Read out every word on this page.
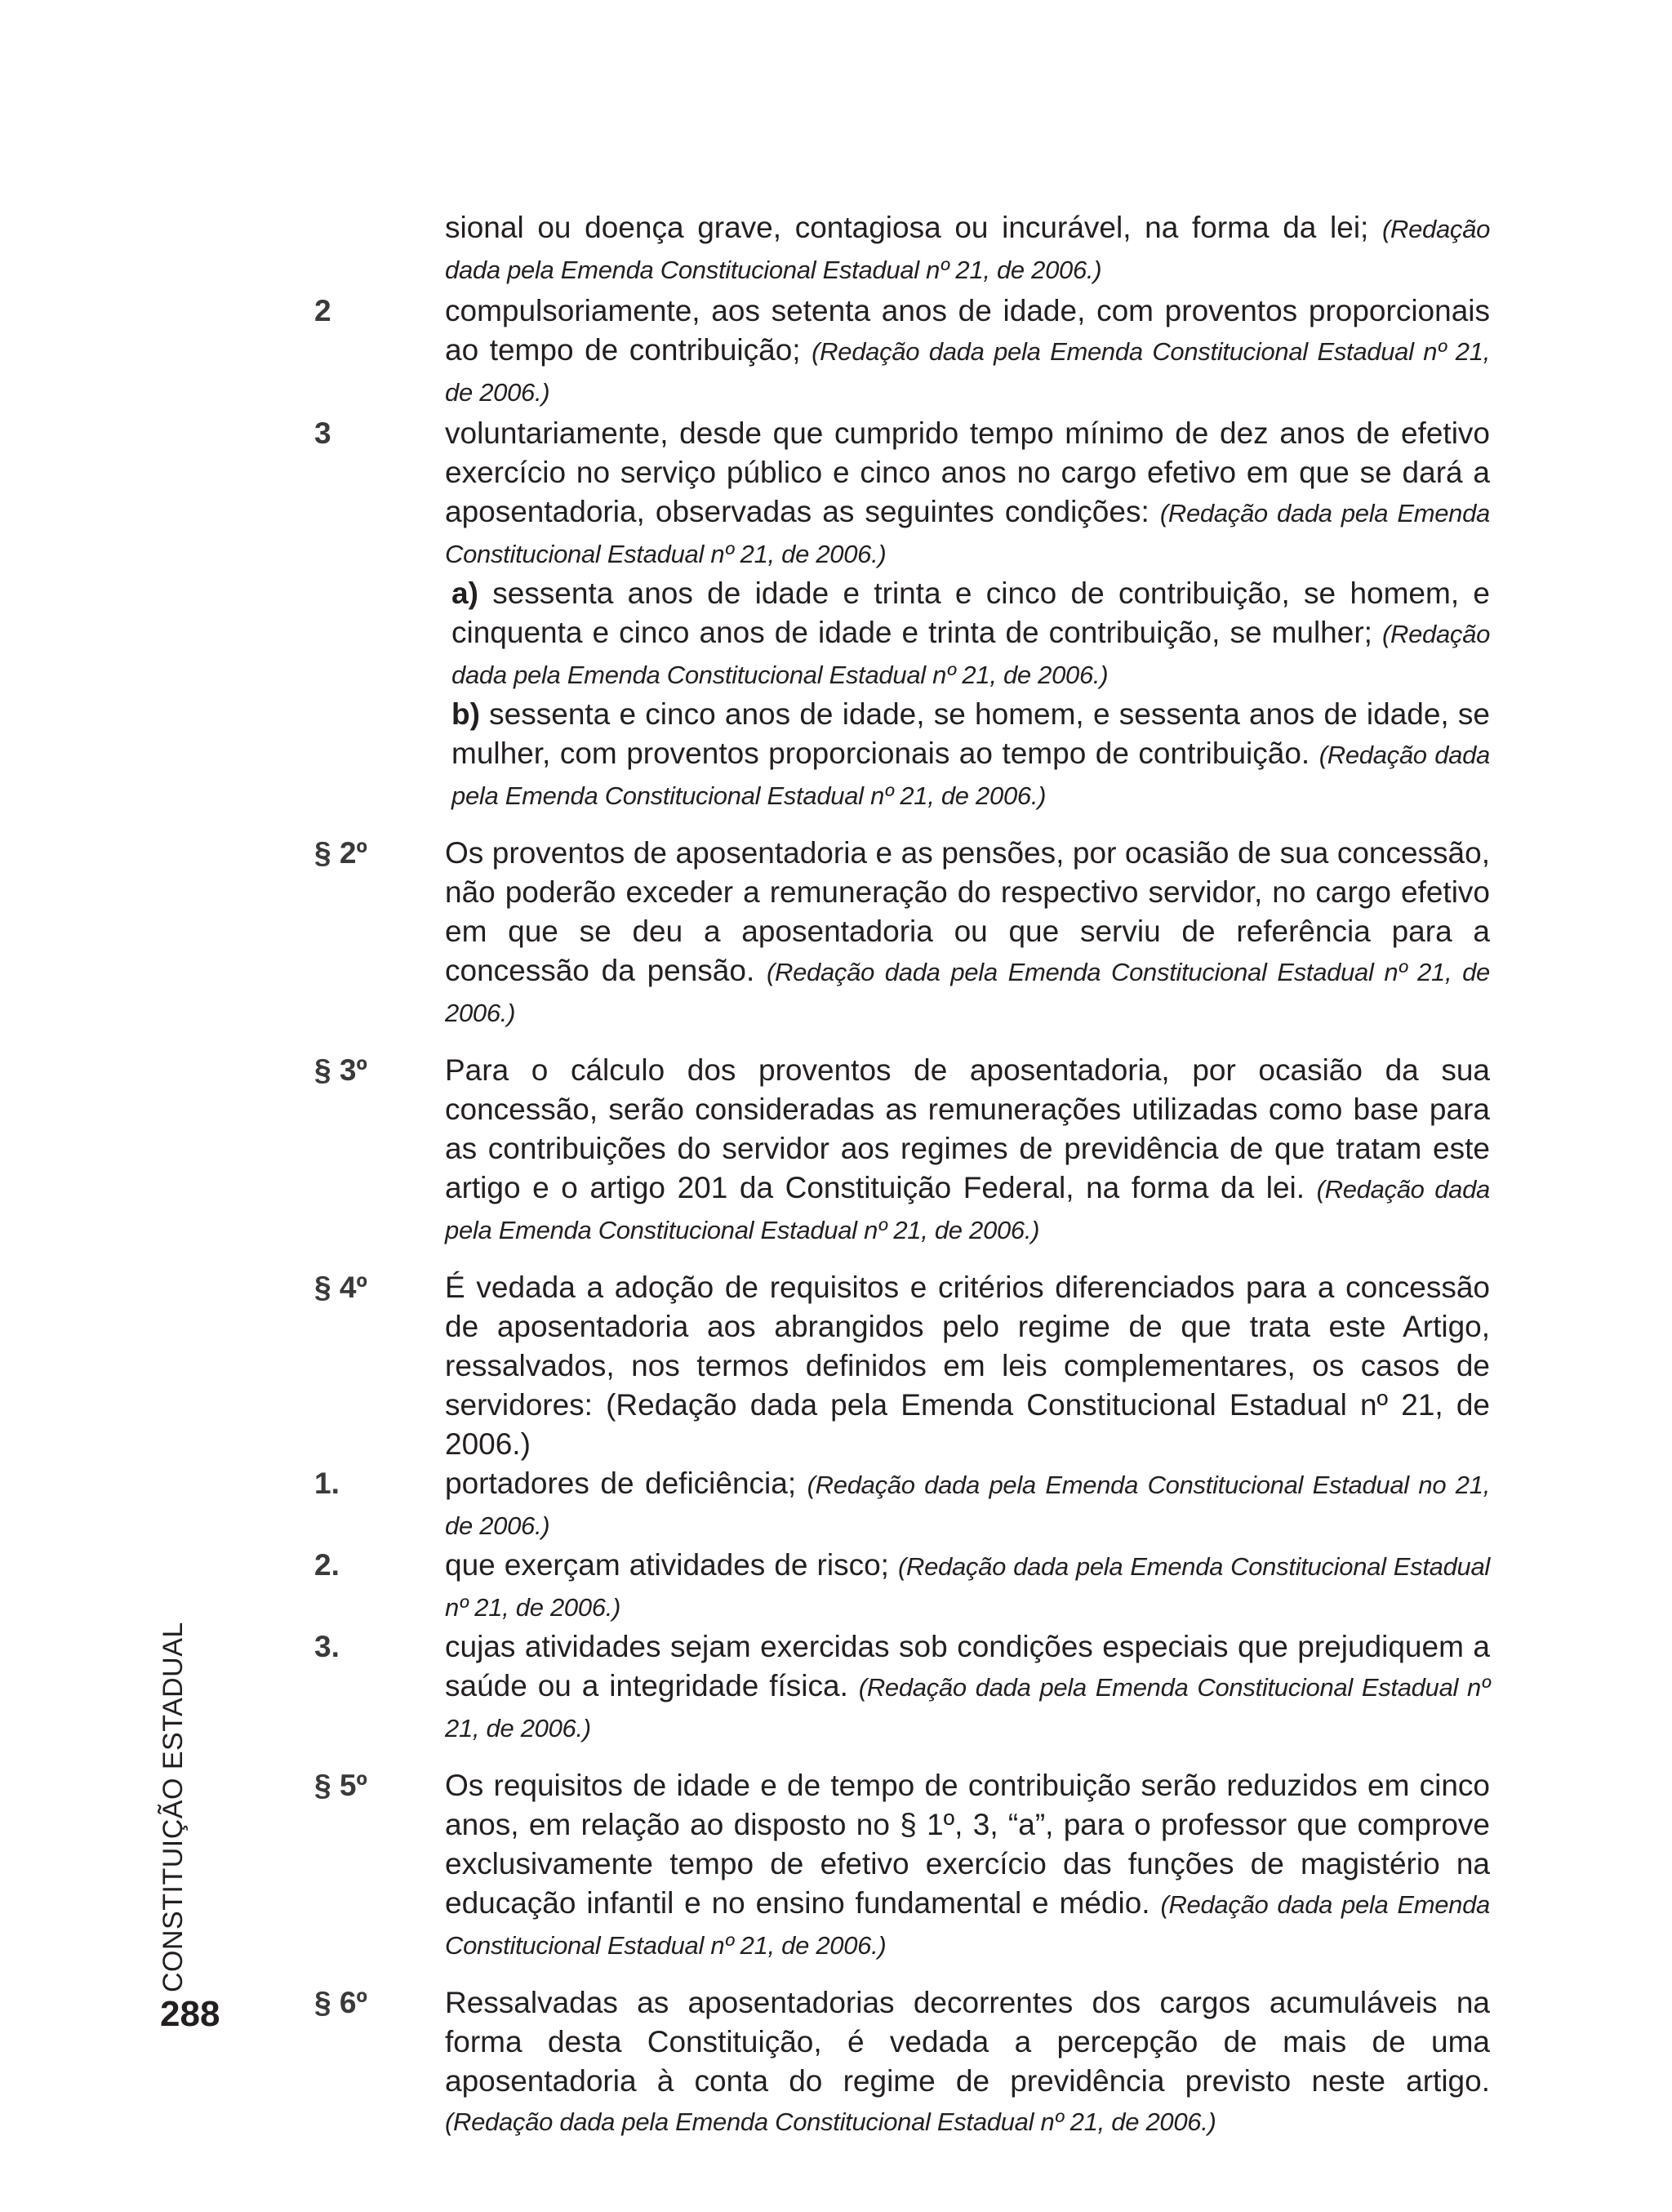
sional ou doença grave, contagiosa ou incurável, na forma da lei; (Redação dada pela Emenda Constitucional Estadual nº 21, de 2006.)
2	compulsoriamente, aos setenta anos de idade, com proventos proporcionais ao tempo de contribuição; (Redação dada pela Emenda Constitucional Estadual nº 21, de 2006.)
3	voluntariamente, desde que cumprido tempo mínimo de dez anos de efetivo exercício no serviço público e cinco anos no cargo efetivo em que se dará a aposentadoria, observadas as seguintes condições: (Redação dada pela Emenda Constitucional Estadual nº 21, de 2006.)
a) sessenta anos de idade e trinta e cinco de contribuição, se homem, e cinquenta e cinco anos de idade e trinta de contribuição, se mulher; (Redação dada pela Emenda Constitucional Estadual nº 21, de 2006.)
b) sessenta e cinco anos de idade, se homem, e sessenta anos de idade, se mulher, com proventos proporcionais ao tempo de contribuição. (Redação dada pela Emenda Constitucional Estadual nº 21, de 2006.)
§ 2º	Os proventos de aposentadoria e as pensões, por ocasião de sua concessão, não poderão exceder a remuneração do respectivo servidor, no cargo efetivo em que se deu a aposentadoria ou que serviu de referência para a concessão da pensão. (Redação dada pela Emenda Constitucional Estadual nº 21, de 2006.)
§ 3º	Para o cálculo dos proventos de aposentadoria, por ocasião da sua concessão, serão consideradas as remunerações utilizadas como base para as contribuições do servidor aos regimes de previdência de que tratam este artigo e o artigo 201 da Constituição Federal, na forma da lei. (Redação dada pela Emenda Constitucional Estadual nº 21, de 2006.)
§ 4º	É vedada a adoção de requisitos e critérios diferenciados para a concessão de aposentadoria aos abrangidos pelo regime de que trata este Artigo, ressalvados, nos termos definidos em leis complementares, os casos de servidores: (Redação dada pela Emenda Constitucional Estadual nº 21, de 2006.)
1.	portadores de deficiência; (Redação dada pela Emenda Constitucional Estadual no 21, de 2006.)
2.	que exerçam atividades de risco; (Redação dada pela Emenda Constitucional Estadual nº 21, de 2006.)
3.	cujas atividades sejam exercidas sob condições especiais que prejudiquem a saúde ou a integridade física. (Redação dada pela Emenda Constitucional Estadual nº 21, de 2006.)
§ 5º	Os requisitos de idade e de tempo de contribuição serão reduzidos em cinco anos, em relação ao disposto no § 1º, 3, “a”, para o professor que comprove exclusivamente tempo de efetivo exercício das funções de magistério na educação infantil e no ensino fundamental e médio. (Redação dada pela Emenda Constitucional Estadual nº 21, de 2006.)
§ 6º	Ressalvadas as aposentadorias decorrentes dos cargos acumuláveis na forma desta Constituição, é vedada a percepção de mais de uma aposentadoria à conta do regime de previdência previsto neste artigo. (Redação dada pela Emenda Constitucional Estadual nº 21, de 2006.)
CONSTITUIÇÃO ESTADUAL
288
